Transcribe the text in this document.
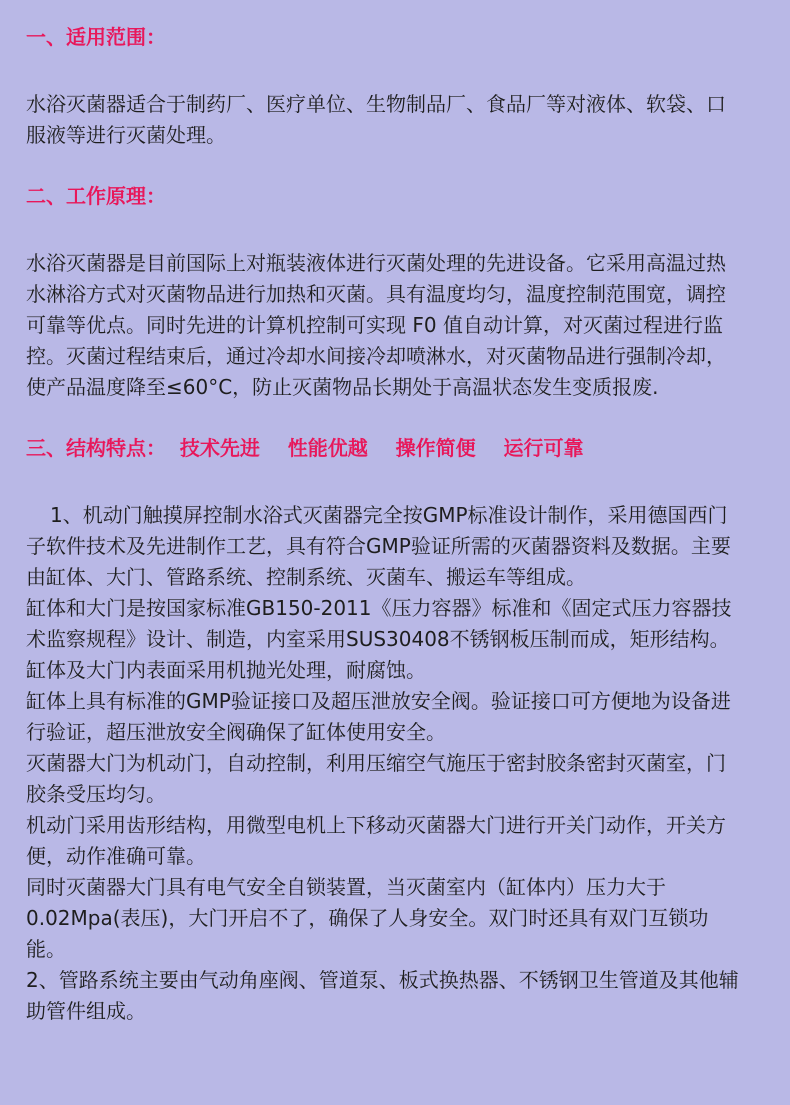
一、适用范围：

水浴灭菌器适合于制药厂、医疗单位、生物制品厂、食品厂等对液体、软袋、口服液等进行灭菌处理。

二、工作原理：

水浴灭菌器是目前国际上对瓶装液体进行灭菌处理的先进设备。它采用高温过热水淋浴方式对灭菌物品进行加热和灭菌。具有温度均匀，温度控制范围宽，调控可靠等优点。同时先进的计算机控制可实现 F0 值自动计算，对灭菌过程进行监控。灭菌过程结束后，通过冷却水间接冷却喷淋水，对灭菌物品进行强制冷却，使产品温度降至≤60°C，防止灭菌物品长期处于高温状态发生变质报废.

三、结构特点：  技术先进    性能优越    操作简便    运行可靠

1、机动门触摸屏控制水浴式灭菌器完全按GMP标准设计制作，采用德国西门子软件技术及先进制作工艺，具有符合GMP验证所需的灭菌器资料及数据。主要由缸体、大门、管路系统、控制系统、灭菌车、搬运车等组成。

缸体和大门是按国家标准GB150-2011《压力容器》标准和《固定式压力容器技术监察规程》设计、制造，内室采用SUS30408不锈钢板压制而成，矩形结构。

缸体及大门内表面采用机抛光处理，耐腐蚀。

缸体上具有标准的GMP验证接口及超压泄放安全阀。验证接口可方便地为设备进行验证，超压泄放安全阀确保了缸体使用安全。

灭菌器大门为机动门，自动控制，利用压缩空气施压于密封胶条密封灭菌室，门胶条受压均匀。

机动门采用齿形结构，用微型电机上下移动灭菌器大门进行开关门动作，开关方便，动作准确可靠。

同时灭菌器大门具有电气安全自锁装置，当灭菌室内（缸体内）压力大于0.02Mpa(表压)，大门开启不了，确保了人身安全。双门时还具有双门互锁功能。

2、管路系统主要由气动角座阀、管道泵、板式换热器、不锈钢卫生管道及其他辅助管件组成。
